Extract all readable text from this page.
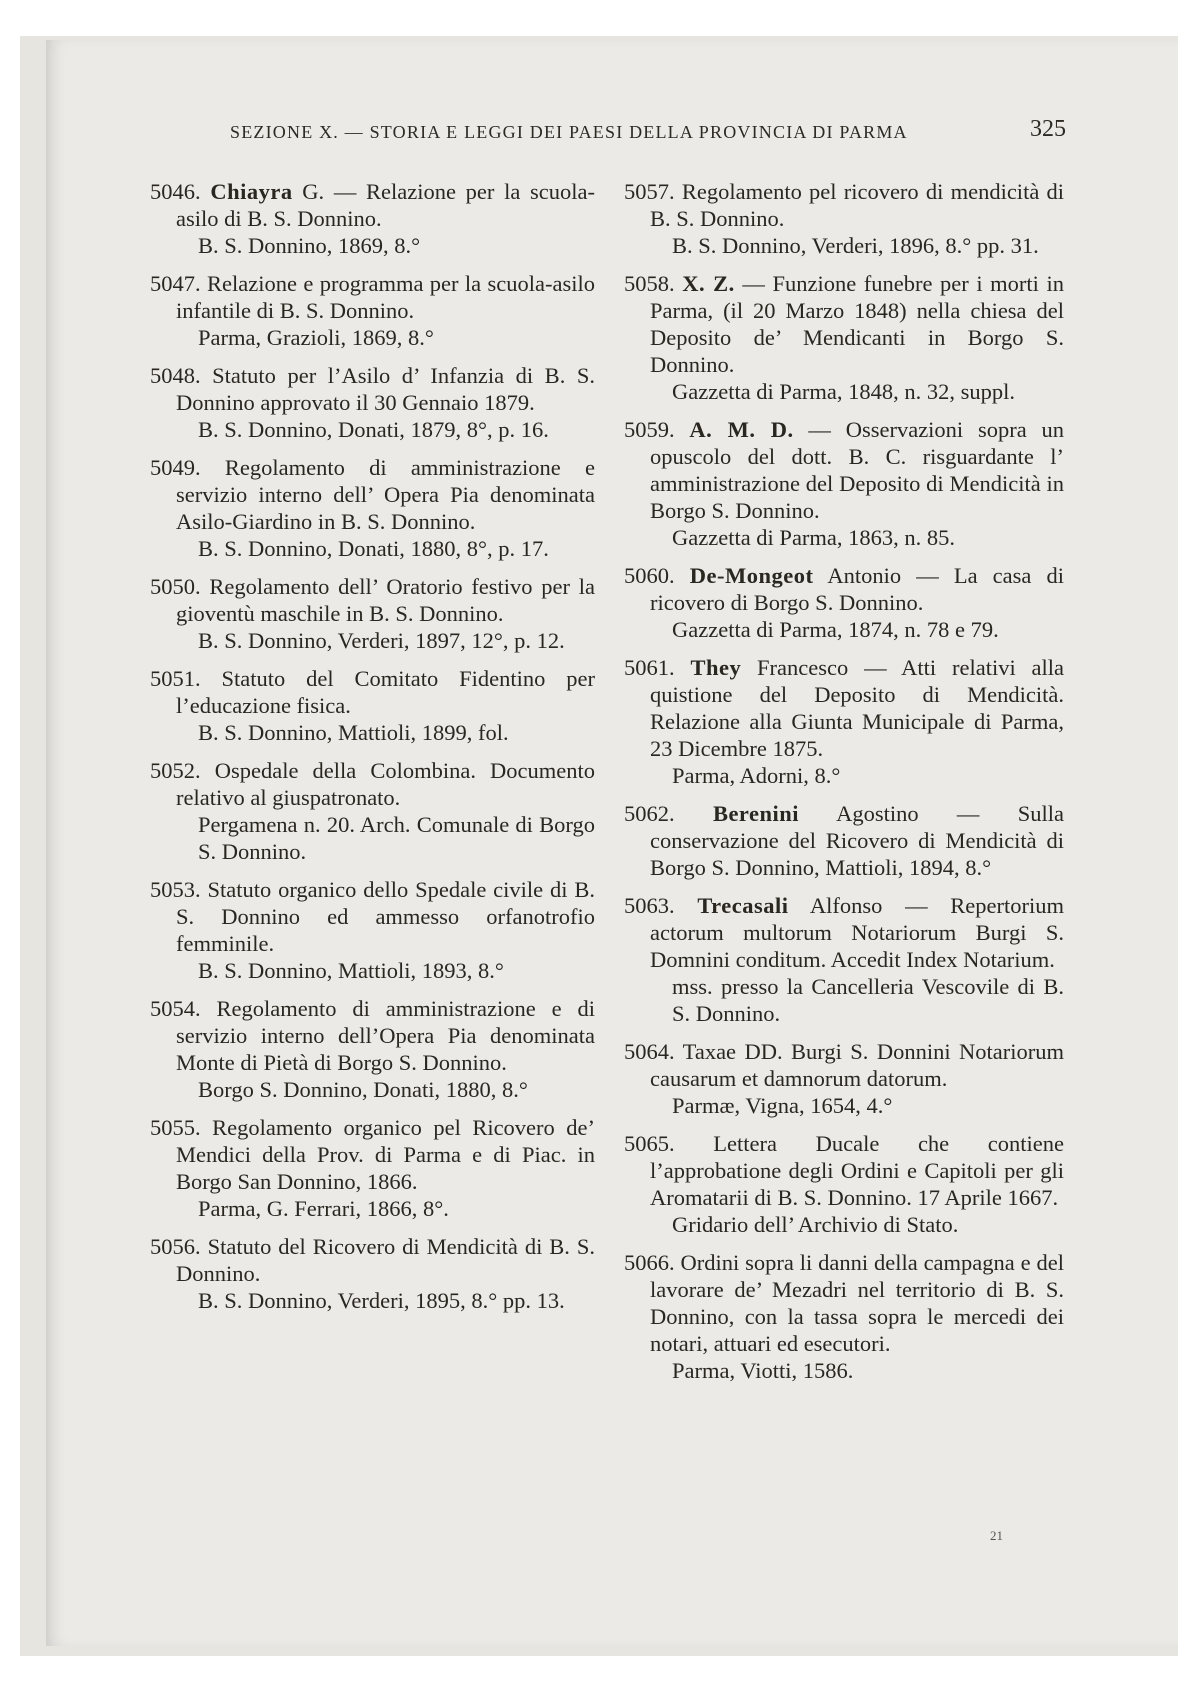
SEZIONE X. — STORIA E LEGGI DEI PAESI DELLA PROVINCIA DI PARMA	325

5046. Chiayra G. — Relazione per la scuola-asilo di B. S. Donnino.
B. S. Donnino, 1869, 8.°

5047. Relazione e programma per la scuola-asilo infantile di B. S. Donnino.
Parma, Grazioli, 1869, 8.°

5048. Statuto per l’Asilo d’ Infanzia di B. S. Donnino approvato il 30 Gennaio 1879.
B. S. Donnino, Donati, 1879, 8°, p. 16.

5049. Regolamento di amministrazione e servizio interno dell’ Opera Pia denominata Asilo-Giardino in B. S. Donnino.
B. S. Donnino, Donati, 1880, 8°, p. 17.

5050. Regolamento dell’ Oratorio festivo per la gioventù maschile in B. S. Donnino.
B. S. Donnino, Verderi, 1897, 12°, p. 12.

5051. Statuto del Comitato Fidentino per l’educazione fisica.
B. S. Donnino, Mattioli, 1899, fol.

5052. Ospedale della Colombina. Documento relativo al giuspatronato.
Pergamena n. 20. Arch. Comunale di Borgo S. Donnino.

5053. Statuto organico dello Spedale civile di B. S. Donnino ed ammesso orfanotrofio femminile.
B. S. Donnino, Mattioli, 1893, 8.°

5054. Regolamento di amministrazione e di servizio interno dell’Opera Pia denominata Monte di Pietà di Borgo S. Donnino.
Borgo S. Donnino, Donati, 1880, 8.°

5055. Regolamento organico pel Ricovero de’ Mendici della Prov. di Parma e di Piac. in Borgo San Donnino, 1866.
Parma, G. Ferrari, 1866, 8°.

5056. Statuto del Ricovero di Mendicità di B. S. Donnino.
B. S. Donnino, Verderi, 1895, 8.° pp. 13.

5057. Regolamento pel ricovero di mendicità di B. S. Donnino.
B. S. Donnino, Verderi, 1896, 8.° pp. 31.

5058. X. Z. — Funzione funebre per i morti in Parma, (il 20 Marzo 1848) nella chiesa del Deposito de’ Mendicanti in Borgo S. Donnino.
Gazzetta di Parma, 1848, n. 32, suppl.

5059. A. M. D. — Osservazioni sopra un opuscolo del dott. B. C. risguardante l’ amministrazione del Deposito di Mendicità in Borgo S. Donnino.
Gazzetta di Parma, 1863, n. 85.

5060. De-Mongeot Antonio — La casa di ricovero di Borgo S. Donnino.
Gazzetta di Parma, 1874, n. 78 e 79.

5061. They Francesco — Atti relativi alla quistione del Deposito di Mendicità. Relazione alla Giunta Municipale di Parma, 23 Dicembre 1875.
Parma, Adorni, 8.°

5062. Berenini Agostino — Sulla conservazione del Ricovero di Mendicità di Borgo S. Donnino, Mattioli, 1894, 8.°

5063. Trecasali Alfonso — Repertorium actorum multorum Notariorum Burgi S. Domnini conditum. Accedit Index Notarium.
mss. presso la Cancelleria Vescovile di B. S. Donnino.

5064. Taxae DD. Burgi S. Donnini Notariorum causarum et damnorum datorum.
Parmæ, Vigna, 1654, 4.°

5065. Lettera Ducale che contiene l’approbatione degli Ordini e Capitoli per gli Aromatarii di B. S. Donnino. 17 Aprile 1667.
Gridario dell’ Archivio di Stato.

5066. Ordini sopra li danni della campagna e del lavorare de’ Mezadri nel territorio di B. S. Donnino, con la tassa sopra le mercedi dei notari, attuari ed esecutori.
Parma, Viotti, 1586.

21
